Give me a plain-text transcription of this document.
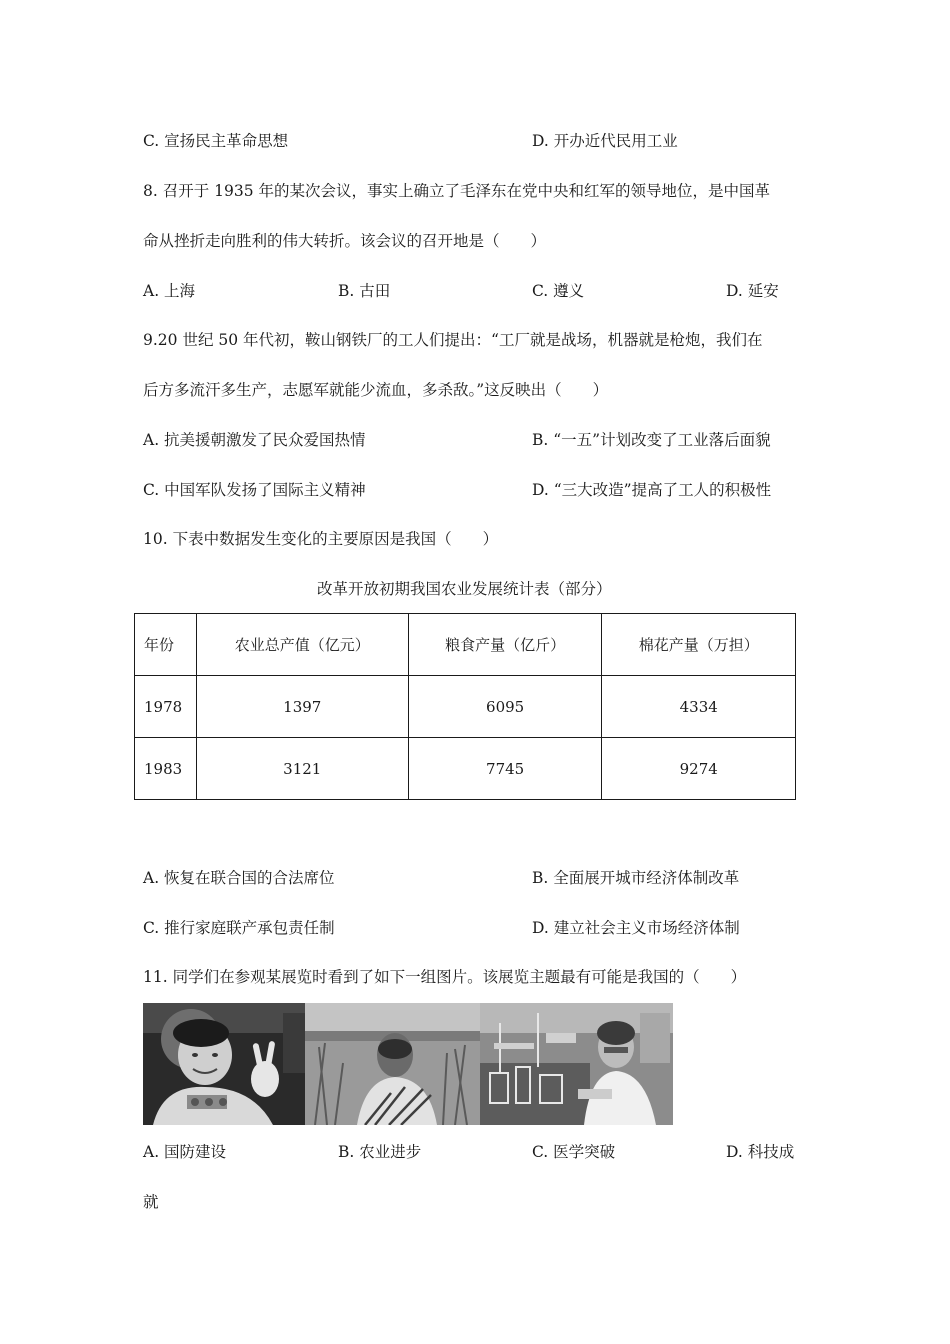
C. 宣扬民主革命思想	D. 开办近代民用工业
8. 召开于 1935 年的某次会议，事实上确立了毛泽东在党中央和红军的领导地位，是中国革
命从挫折走向胜利的伟大转折。该会议的召开地是（　　）
A. 上海	B. 古田	C. 遵义	D. 延安
9.20 世纪 50 年代初，鞍山钢铁厂的工人们提出：“工厂就是战场，机器就是枪炮，我们在
后方多流汗多生产，志愿军就能少流血，多杀敌。”这反映出（　　）
A. 抗美援朝激发了民众爱国热情	B. “一五”计划改变了工业落后面貌
C. 中国军队发扬了国际主义精神	D. “三大改造”提高了工人的积极性
10. 下表中数据发生变化的主要原因是我国（　　）
改革开放初期我国农业发展统计表（部分）
年份	农业总产值（亿元）	粮食产量（亿斤）	棉花产量（万担）
1978	1397	6095	4334
1983	3121	7745	9274
A. 恢复在联合国的合法席位	B. 全面展开城市经济体制改革
C. 推行家庭联产承包责任制	D. 建立社会主义市场经济体制
11. 同学们在参观某展览时看到了如下一组图片。该展览主题最有可能是我国的（　　）
A. 国防建设	B. 农业进步	C. 医学突破	D. 科技成
就
